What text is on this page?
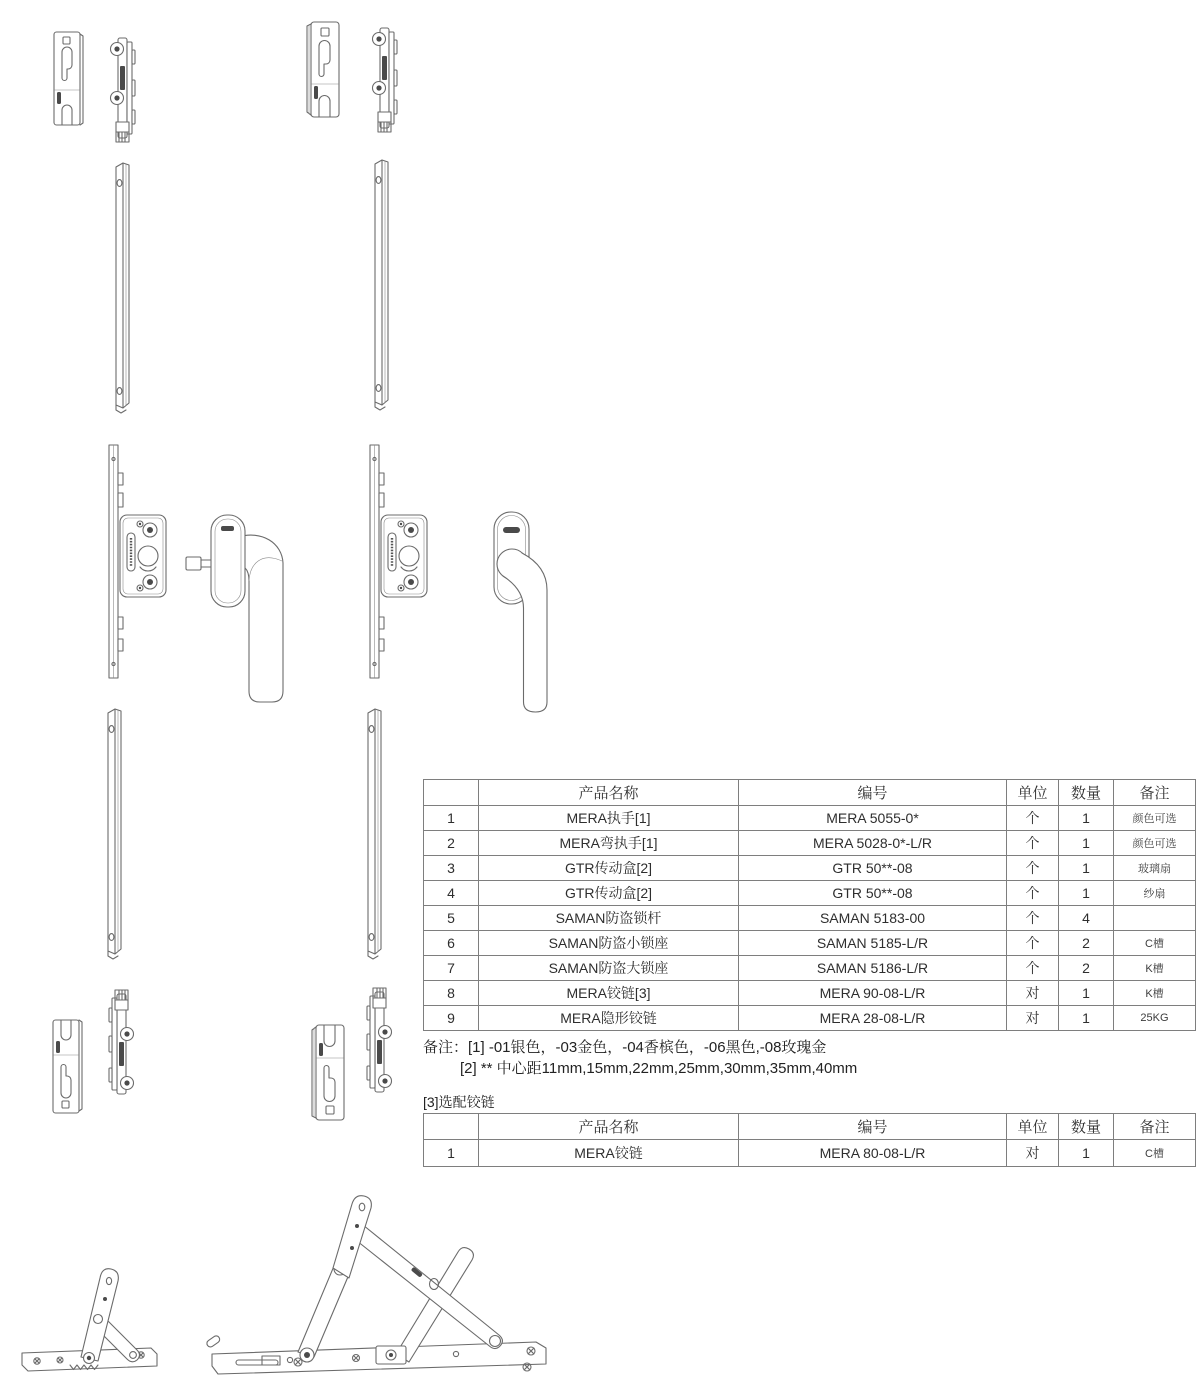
	产品名称	编号	单位	数量	备注
1	MERA执手[1]	MERA 5055-0*	个	1	颜色可选
2	MERA弯执手[1]	MERA 5028-0*-L/R	个	1	颜色可选
3	GTR传动盒[2]	GTR 50**-08	个	1	玻璃扇
4	GTR传动盒[2]	GTR 50**-08	个	1	纱扇
5	SAMAN防盗锁杆	SAMAN 5183-00	个	4	
6	SAMAN防盗小锁座	SAMAN 5185-L/R	个	2	C槽
7	SAMAN防盗大锁座	SAMAN 5186-L/R	个	2	K槽
8	MERA铰链[3]	MERA 90-08-L/R	对	1	K槽
9	MERA隐形铰链	MERA 28-08-L/R	对	1	25KG
备注：[1] -01银色，-03金色，-04香槟色，-06黑色,-08玫瑰金
[2] ** 中心距11mm,15mm,22mm,25mm,30mm,35mm,40mm
[3]选配铰链
	产品名称	编号	单位	数量	备注
1	MERA铰链	MERA 80-08-L/R	对	1	C槽
